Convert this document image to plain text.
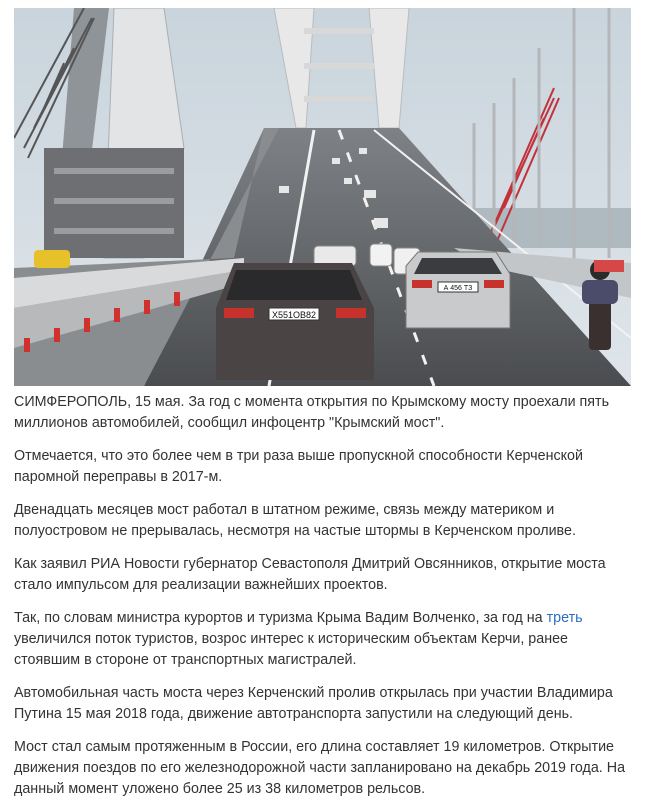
X551ОВ82
А 456 ТЗ

СИМФЕРОПОЛЬ, 15 мая. За год с момента открытия по Крымскому мосту проехали пять миллионов автомобилей, сообщил инфоцентр "Крымский мост".

Отмечается, что это более чем в три раза выше пропускной способности Керченской паромной переправы в 2017-м.

Двенадцать месяцев мост работал в штатном режиме, связь между материком и полуостровом не прерывалась, несмотря на частые штормы в Керченском проливе.

Как заявил РИА Новости губернатор Севастополя Дмитрий Овсянников, открытие моста стало импульсом для реализации важнейших проектов.

Так, по словам министра курортов и туризма Крыма Вадим Волченко, за год на треть увеличился поток туристов, возрос интерес к историческим объектам Керчи, ранее стоявшим в стороне от транспортных магистралей.

Автомобильная часть моста через Керченский пролив открылась при участии Владимира Путина 15 мая 2018 года, движение автотранспорта запустили на следующий день.

Мост стал самым протяженным в России, его длина составляет 19 километров. Открытие движения поездов по его железнодорожной части запланировано на декабрь 2019 года. На данный момент уложено более 25 из 38 километров рельсов.
